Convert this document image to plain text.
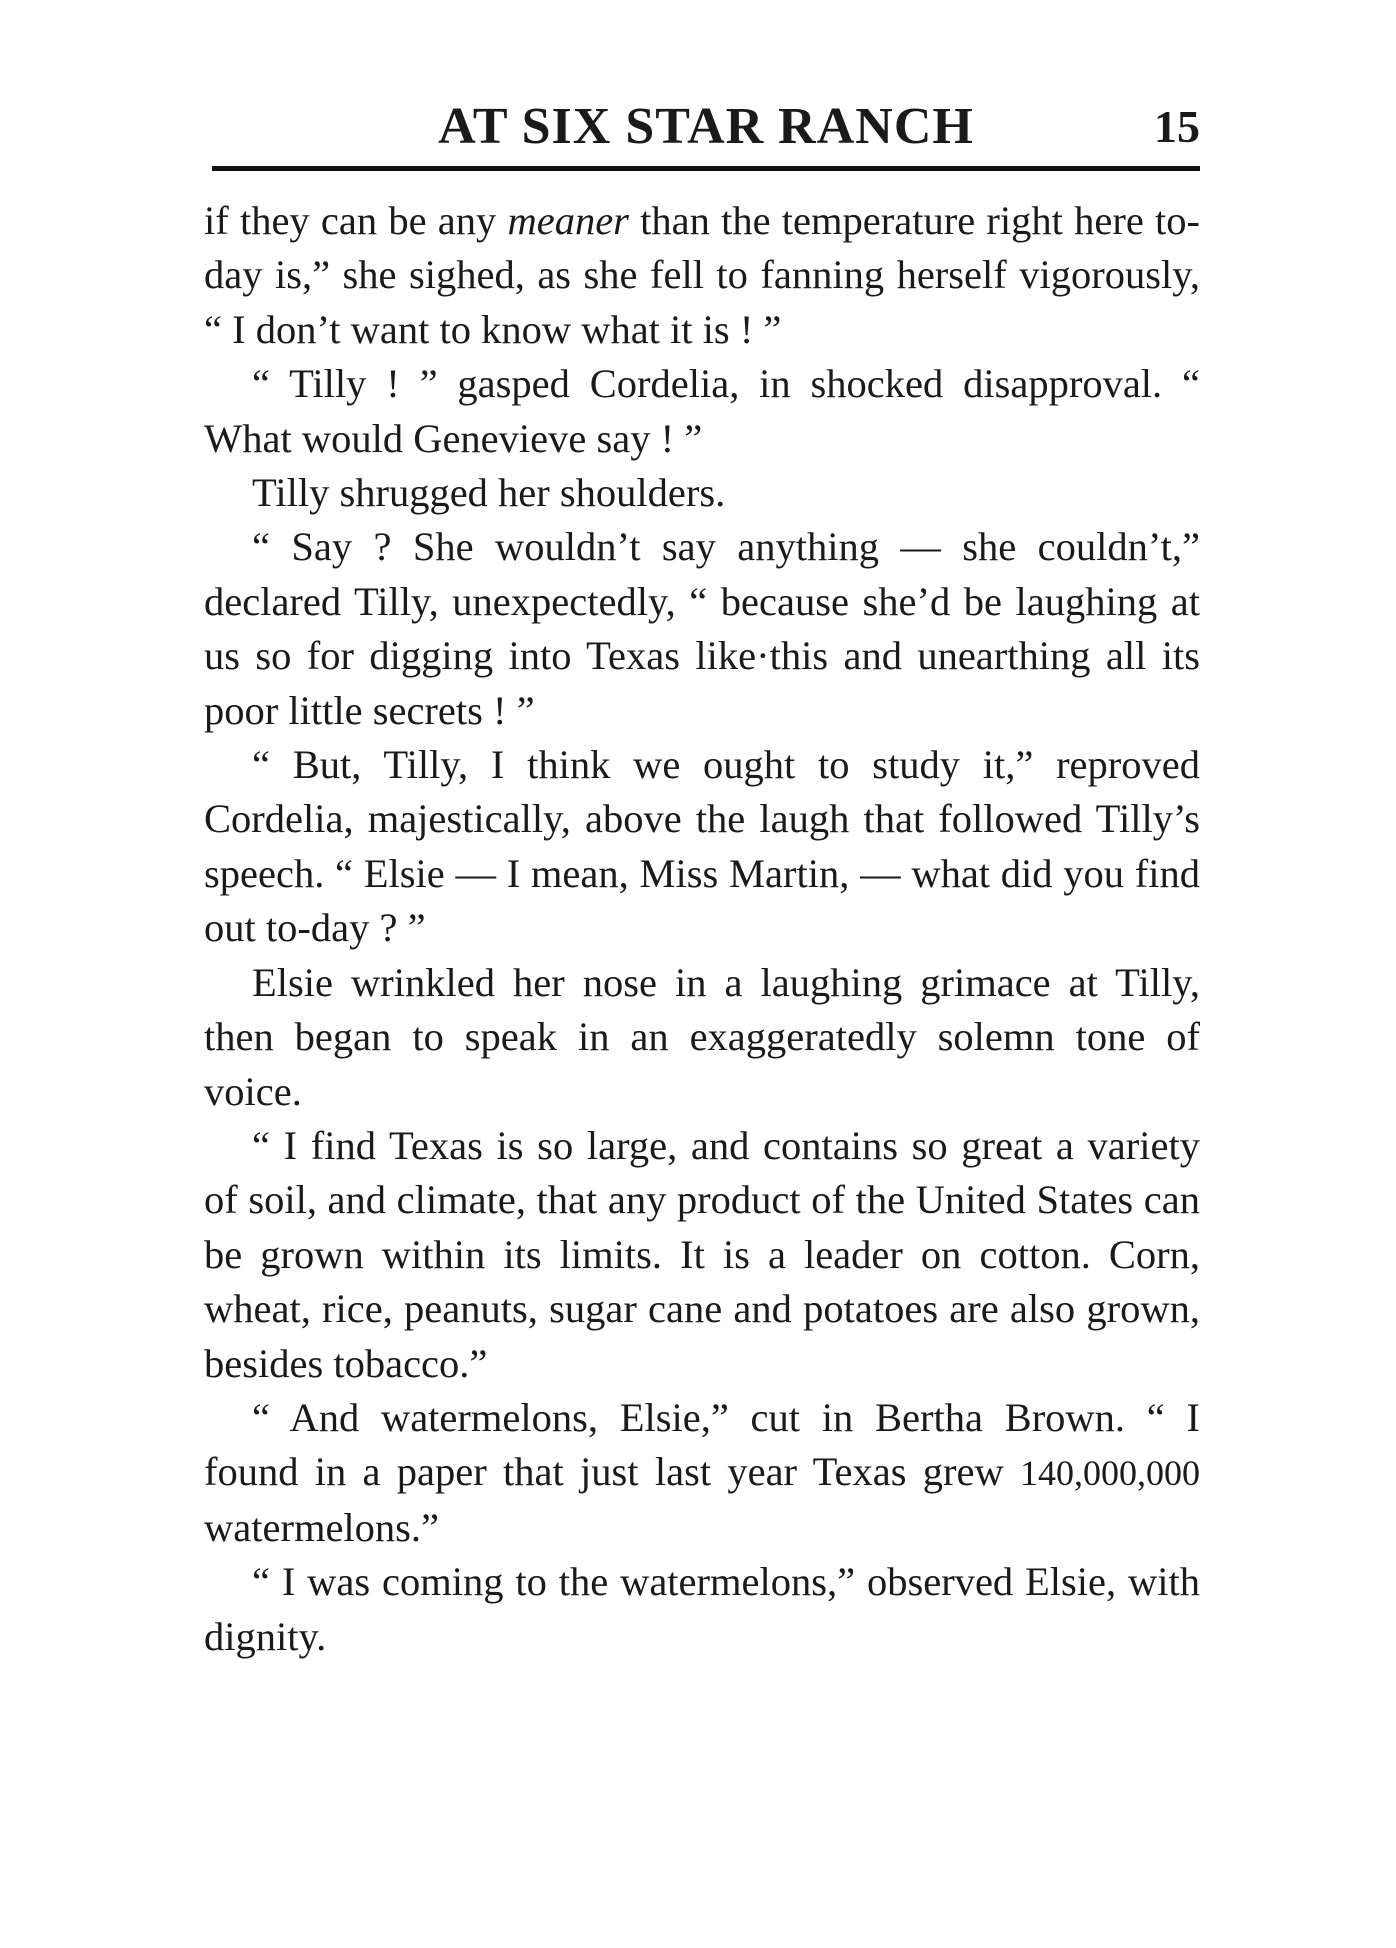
AT SIX STAR RANCH	15

if they can be any meaner than the temperature right here to-day is,” she sighed, as she fell to fanning herself vigorously, “ I don’t want to know what it is ! ”

“ Tilly ! ” gasped Cordelia, in shocked disapproval. “ What would Genevieve say ! ”

Tilly shrugged her shoulders.

“ Say ? She wouldn’t say anything — she couldn’t,” declared Tilly, unexpectedly, “ because she’d be laughing at us so for digging into Texas like·this and unearthing all its poor little secrets ! ”

“ But, Tilly, I think we ought to study it,” reproved Cordelia, majestically, above the laugh that followed Tilly’s speech. “ Elsie — I mean, Miss Martin, — what did you find out to-day ? ”

Elsie wrinkled her nose in a laughing grimace at Tilly, then began to speak in an exaggeratedly solemn tone of voice.

“ I find Texas is so large, and contains so great a variety of soil, and climate, that any product of the United States can be grown within its limits. It is a leader on cotton. Corn, wheat, rice, peanuts, sugar cane and potatoes are also grown, besides tobacco.”

“ And watermelons, Elsie,” cut in Bertha Brown. “ I found in a paper that just last year Texas grew 140,000,000 watermelons.”

“ I was coming to the watermelons,” observed Elsie, with dignity.
